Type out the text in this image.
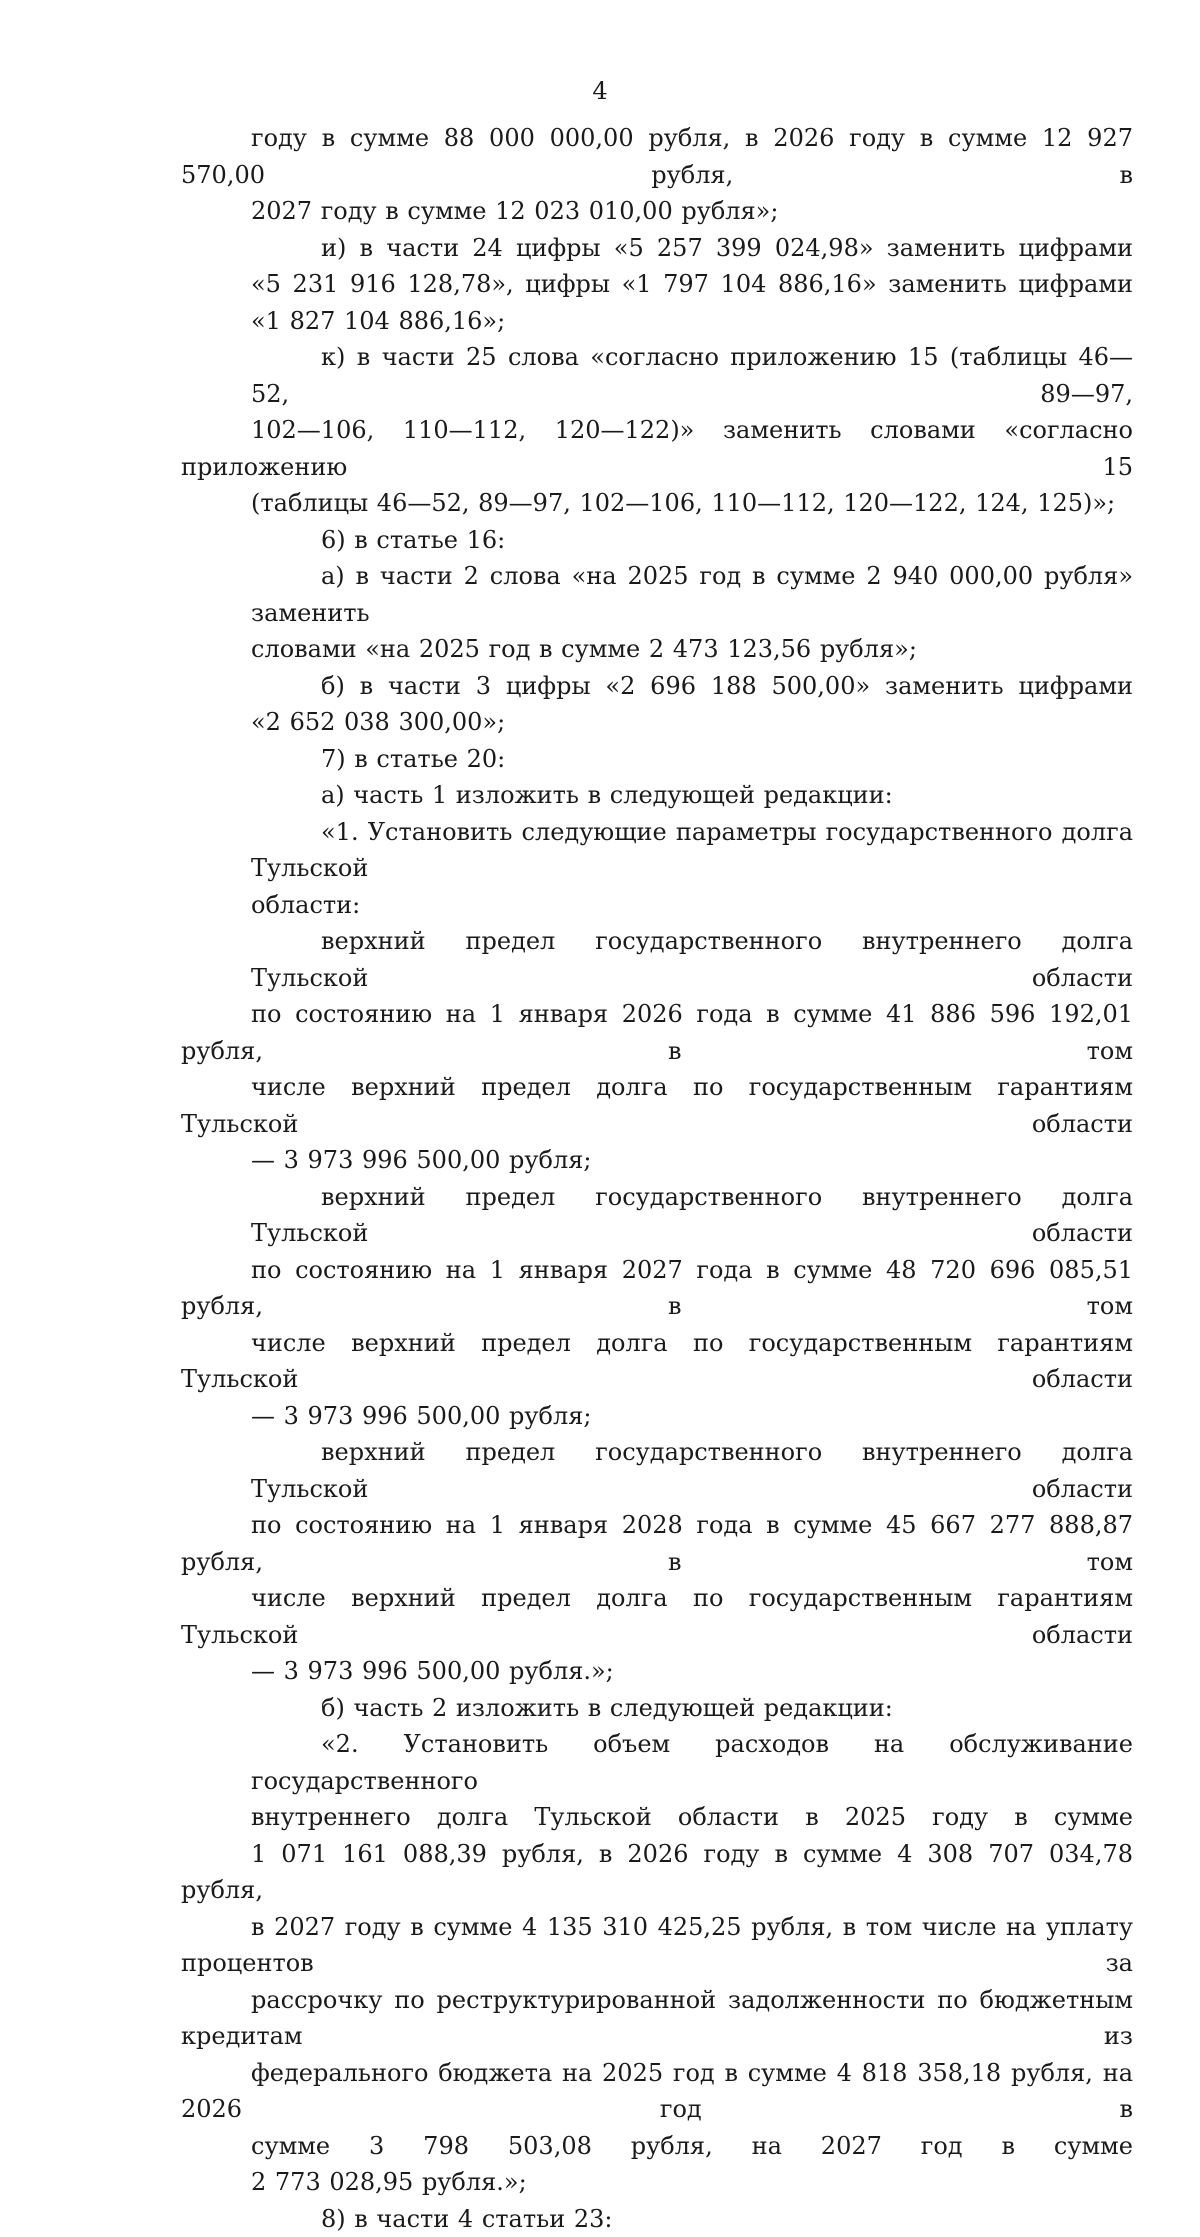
4
году в сумме 88 000 000,00 рубля, в 2026 году в сумме 12 927 570,00 рубля, в
2027 году в сумме 12 023 010,00 рубля»;
и) в части 24 цифры «5 257 399 024,98» заменить цифрами
«5 231 916 128,78», цифры «1 797 104 886,16» заменить цифрами
«1 827 104 886,16»;
к) в части 25 слова «согласно приложению 15 (таблицы 46—52, 89—97,
102—106, 110—112, 120—122)» заменить словами «согласно приложению 15
(таблицы 46—52, 89—97, 102—106, 110—112, 120—122, 124, 125)»;
6) в статье 16:
а) в части 2 слова «на 2025 год в сумме 2 940 000,00 рубля» заменить
словами «на 2025 год в сумме 2 473 123,56 рубля»;
б) в части 3 цифры «2 696 188 500,00» заменить цифрами
«2 652 038 300,00»;
7) в статье 20:
а) часть 1 изложить в следующей редакции:
«1. Установить следующие параметры государственного долга Тульской
области:
верхний предел государственного внутреннего долга Тульской области
по состоянию на 1 января 2026 года в сумме 41 886 596 192,01 рубля, в том
числе верхний предел долга по государственным гарантиям Тульской области
— 3 973 996 500,00 рубля;
верхний предел государственного внутреннего долга Тульской области
по состоянию на 1 января 2027 года в сумме 48 720 696 085,51 рубля, в том
числе верхний предел долга по государственным гарантиям Тульской области
— 3 973 996 500,00 рубля;
верхний предел государственного внутреннего долга Тульской области
по состоянию на 1 января 2028 года в сумме 45 667 277 888,87 рубля, в том
числе верхний предел долга по государственным гарантиям Тульской области
— 3 973 996 500,00 рубля.»;
б) часть 2 изложить в следующей редакции:
«2. Установить объем расходов на обслуживание государственного
внутреннего долга Тульской области в 2025 году в сумме
1 071 161 088,39 рубля, в 2026 году в сумме 4 308 707 034,78 рубля,
в 2027 году в сумме 4 135 310 425,25 рубля, в том числе на уплату процентов за
рассрочку по реструктурированной задолженности по бюджетным кредитам из
федерального бюджета на 2025 год в сумме 4 818 358,18 рубля, на 2026 год в
сумме 3 798 503,08 рубля, на 2027 год в сумме
2 773 028,95 рубля.»;
8) в части 4 статьи 23:
